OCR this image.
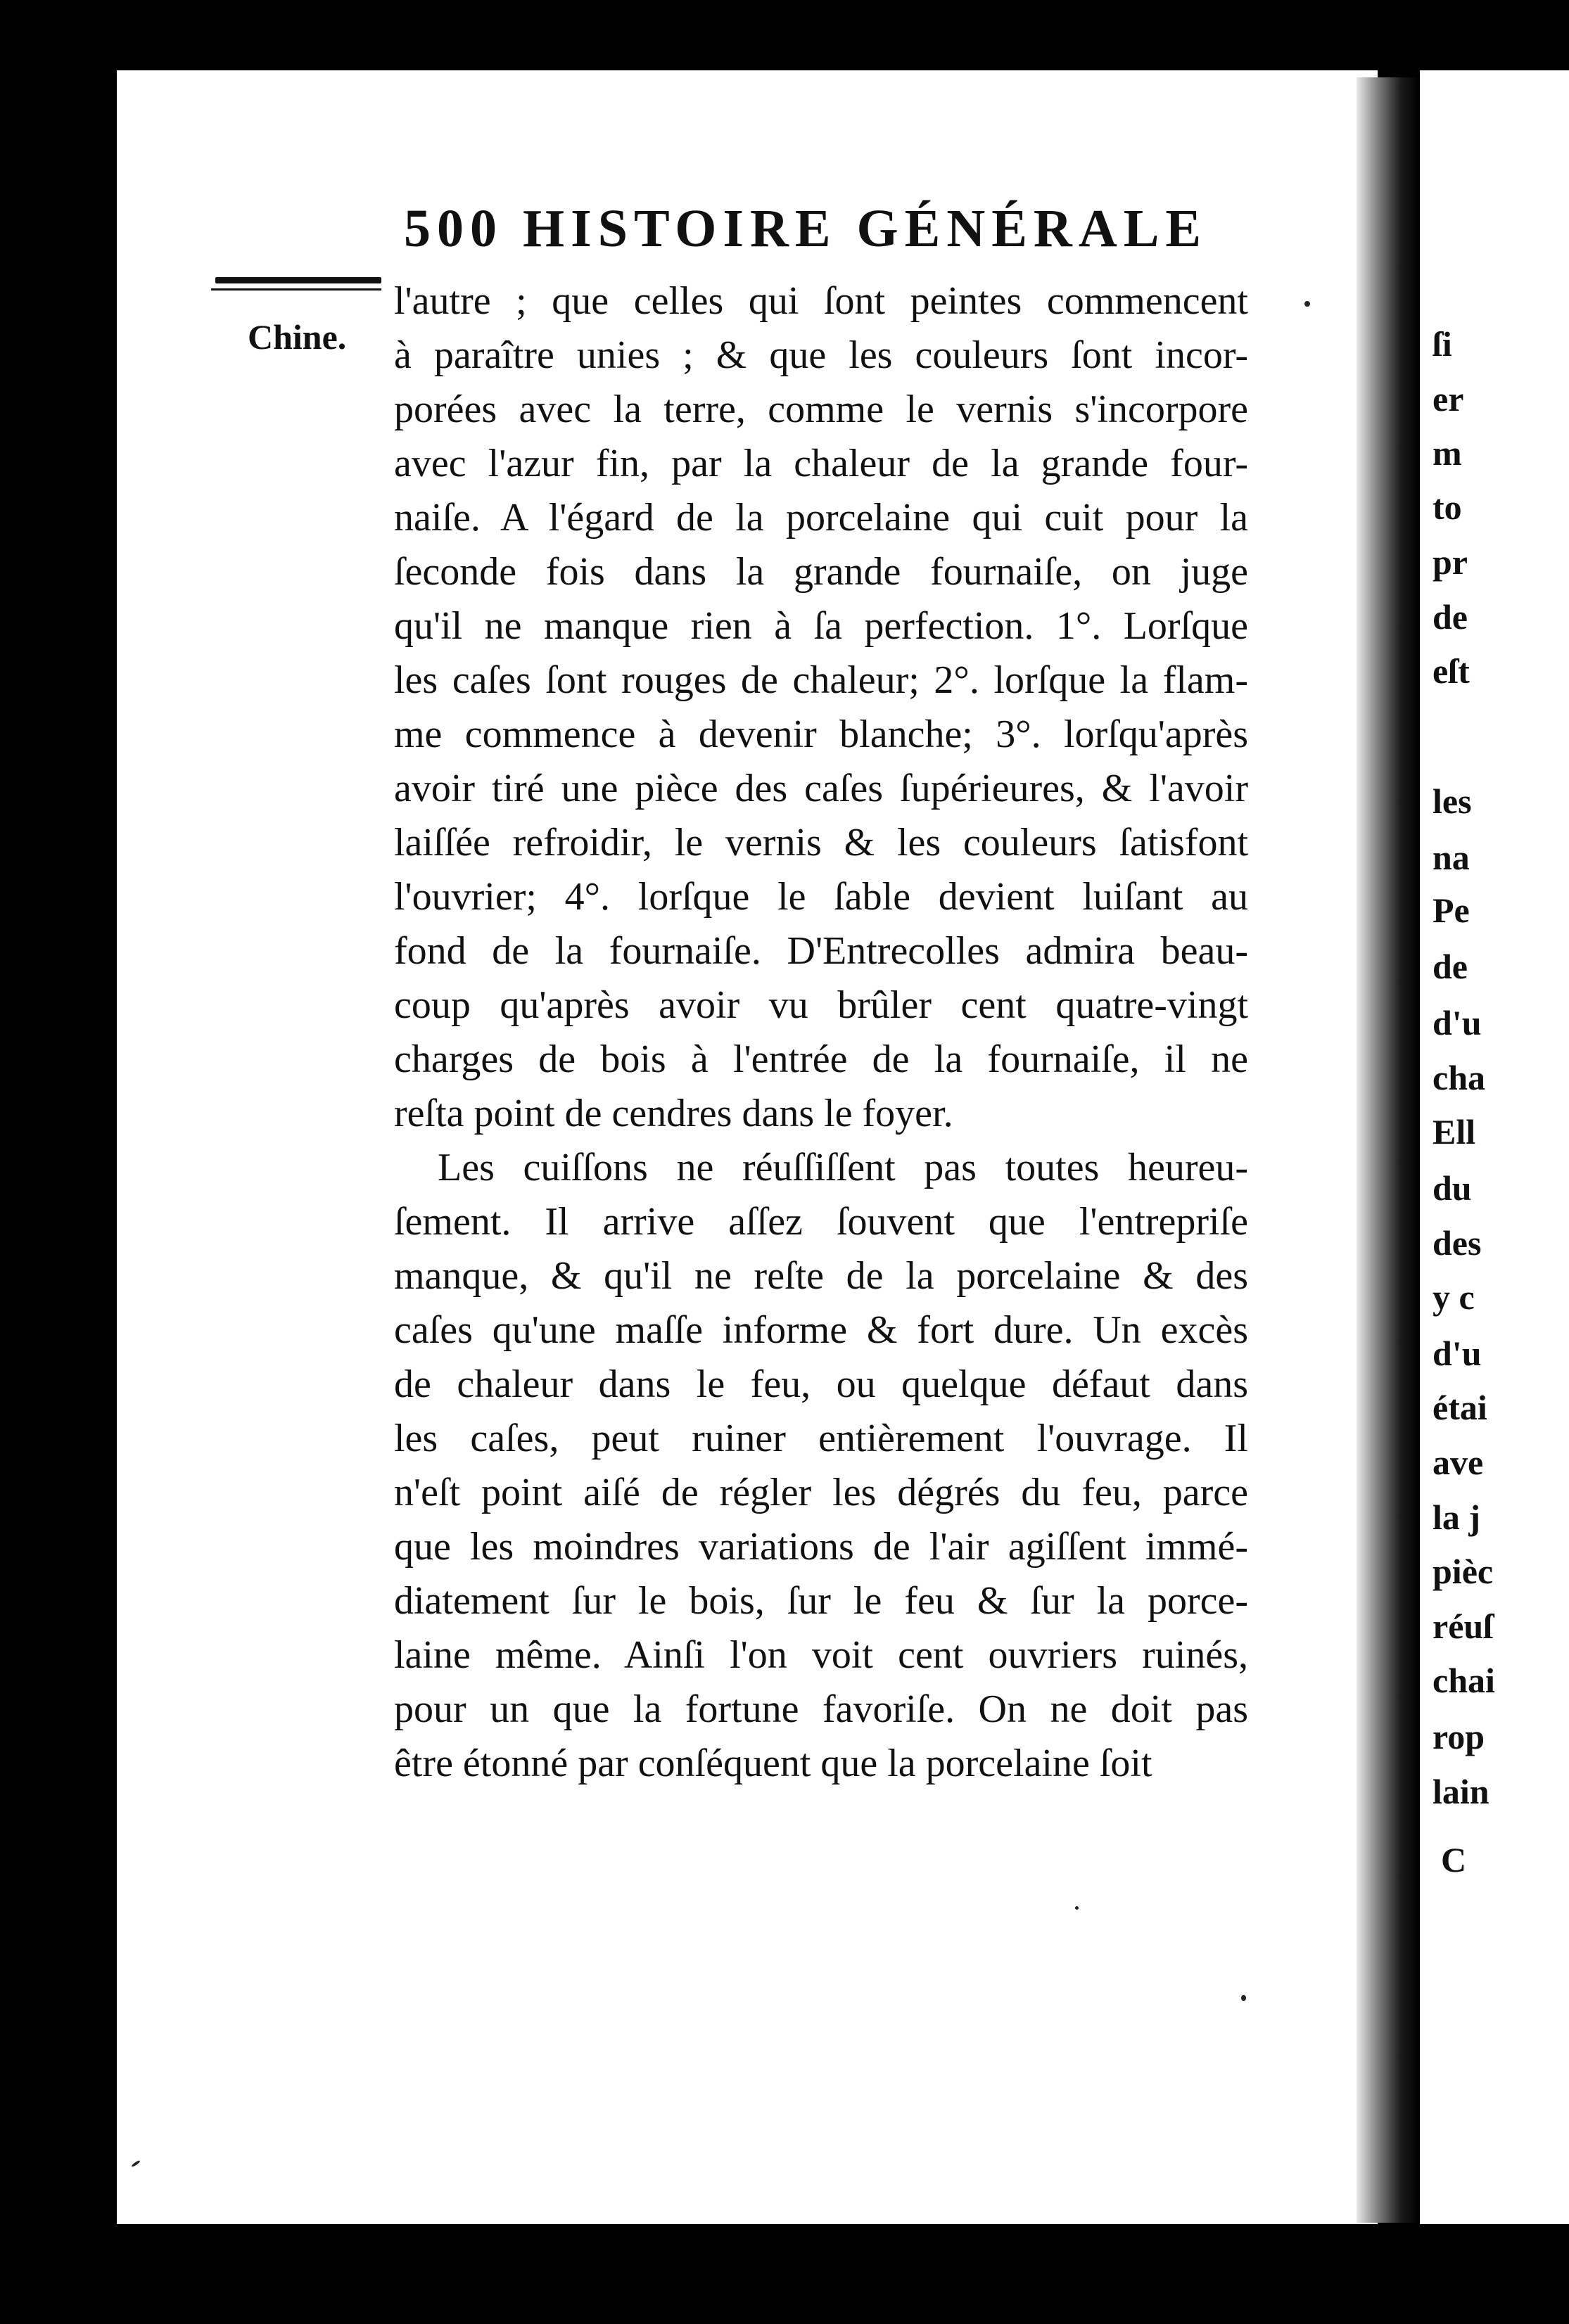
ſi
er
m
to
pr
de
eſt
les
na
Pe
de
d'u
cha
Ell
du
des
y c
d'u
étai
ave
la j
pièc
réuſ
chai
rop
lain
C
500 HISTOIRE GÉNÉRALE
Chine.
l'autre ; que celles qui ſont peintes commencent
à paraître unies ; & que les couleurs ſont incor-
porées avec la terre, comme le vernis s'incorpore
avec l'azur fin, par la chaleur de la grande four-
naiſe. A l'égard de la porcelaine qui cuit pour la
ſeconde fois dans la grande fournaiſe, on juge
qu'il ne manque rien à ſa perfection. 1°. Lorſque
les caſes ſont rouges de chaleur; 2°. lorſque la flam-
me commence à devenir blanche; 3°. lorſqu'après
avoir tiré une pièce des caſes ſupérieures, & l'avoir
laiſſée refroidir, le vernis & les couleurs ſatisfont
l'ouvrier; 4°. lorſque le ſable devient luiſant au
fond de la fournaiſe. D'Entrecolles admira beau-
coup qu'après avoir vu brûler cent quatre-vingt
charges de bois à l'entrée de la fournaiſe, il ne
reſta point de cendres dans le foyer.
Les cuiſſons ne réuſſiſſent pas toutes heureu-
ſement. Il arrive aſſez ſouvent que l'entrepriſe
manque, & qu'il ne reſte de la porcelaine & des
caſes qu'une maſſe informe & fort dure. Un excès
de chaleur dans le feu, ou quelque défaut dans
les caſes, peut ruiner entièrement l'ouvrage. Il
n'eſt point aiſé de régler les dégrés du feu, parce
que les moindres variations de l'air agiſſent immé-
diatement ſur le bois, ſur le feu & ſur la porce-
laine même. Ainſi l'on voit cent ouvriers ruinés,
pour un que la fortune favoriſe. On ne doit pas
être étonné par conſéquent que la porcelaine ſoit
